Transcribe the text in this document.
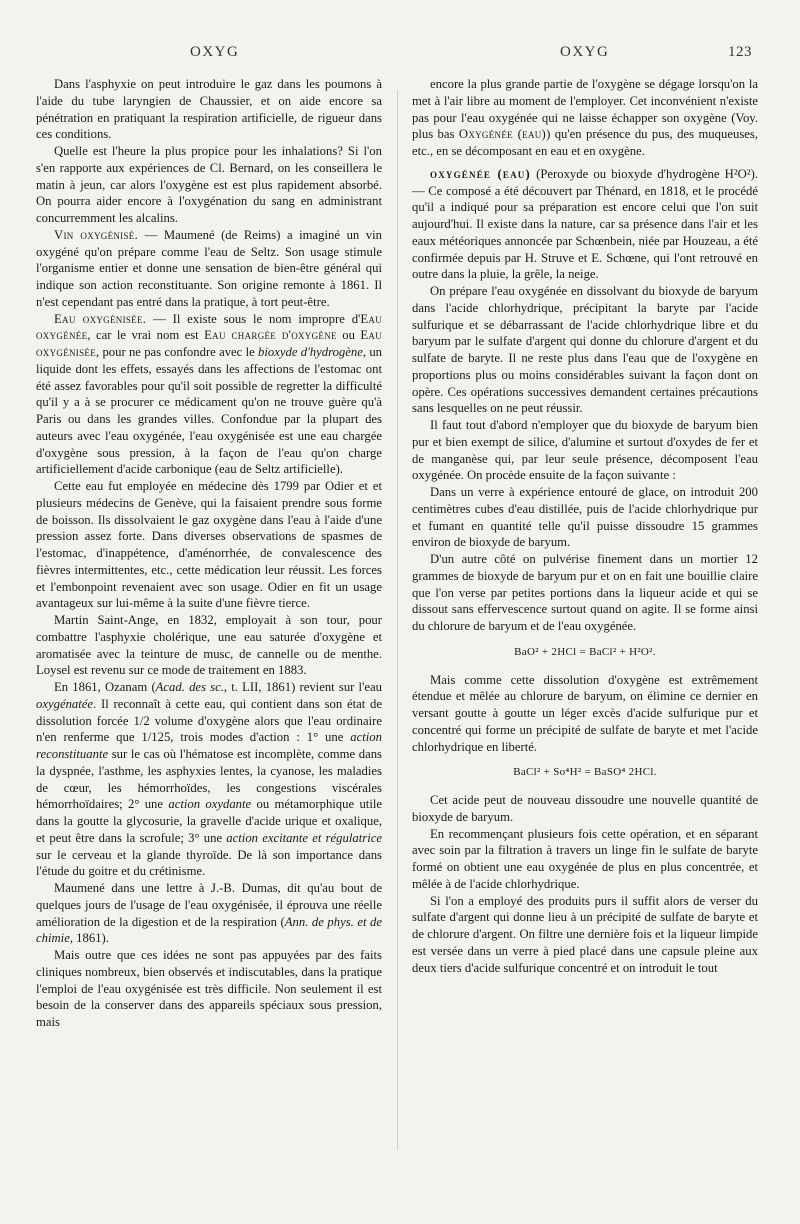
OXYG	OXYG	123

Dans l'asphyxie on peut introduire le gaz dans les poumons à l'aide du tube laryngien de Chaussier, et on aide encore sa pénétration en pratiquant la respiration artificielle, de rigueur dans ces conditions.

Quelle est l'heure la plus propice pour les inhalations? Si l'on s'en rapporte aux expériences de Cl. Bernard, on les conseillera le matin à jeun, car alors l'oxygène est est plus rapidement absorbé. On pourra aider encore à l'oxygénation du sang en administrant concurremment les alcalins.

Vin oxygénisé. — Maumené (de Reims) a imaginé un vin oxygéné qu'on prépare comme l'eau de Seltz. Son usage stimule l'organisme entier et donne une sensation de bien-être général qui indique son action reconstituante. Son origine remonte à 1861. Il n'est cependant pas entré dans la pratique, à tort peut-être.

Eau oxygénisée. — Il existe sous le nom impropre d'Eau oxygénée, car le vrai nom est Eau chargée d'oxygène ou Eau oxygénisée, pour ne pas confondre avec le bioxyde d'hydrogène, un liquide dont les effets, essayés dans les affections de l'estomac ont été assez favorables pour qu'il soit possible de regretter la difficulté qu'il y a à se procurer ce médicament qu'on ne trouve guère qu'à Paris ou dans les grandes villes. Confondue par la plupart des auteurs avec l'eau oxygénée, l'eau oxygénisée est une eau chargée d'oxygène sous pression, à la façon de l'eau qu'on charge artificiellement d'acide carbonique (eau de Seltz artificielle).

Cette eau fut employée en médecine dès 1799 par Odier et et plusieurs médecins de Genève, qui la faisaient prendre sous forme de boisson. Ils dissolvaient le gaz oxygène dans l'eau à l'aide d'une pression assez forte. Dans diverses observations de spasmes de l'estomac, d'inappétence, d'aménorrhée, de convalescence des fièvres intermittentes, etc., cette médication leur réussit. Les forces et l'embonpoint revenaient avec son usage. Odier en fit un usage avantageux sur lui-même à la suite d'une fièvre tierce.

Martin Saint-Ange, en 1832, employait à son tour, pour combattre l'asphyxie cholérique, une eau saturée d'oxygène et aromatisée avec la teinture de musc, de cannelle ou de menthe. Loysel est revenu sur ce mode de traitement en 1883.

En 1861, Ozanam (Acad. des sc., t. LII, 1861) revient sur l'eau oxygénatée. Il reconnaît à cette eau, qui contient dans son état de dissolution forcée 1/2 volume d'oxygène alors que l'eau ordinaire n'en renferme que 1/125, trois modes d'action : 1° une action reconstituante sur le cas où l'hématose est incomplète, comme dans la dyspnée, l'asthme, les asphyxies lentes, la cyanose, les maladies de cœur, les hémorrhoïdes, les congestions viscérales hémorrhoïdaires; 2° une action oxydante ou métamorphique utile dans la goutte la glycosurie, la gravelle d'acide urique et oxalique, et peut être dans la scrofule; 3° une action excitante et régulatrice sur le cerveau et la glande thyroïde. De là son importance dans l'étude du goitre et du crétinisme.

Maumené dans une lettre à J.-B. Dumas, dit qu'au bout de quelques jours de l'usage de l'eau oxygénisée, il éprouva une réelle amélioration de la digestion et de la respiration (Ann. de phys. et de chimie, 1861).

Mais outre que ces idées ne sont pas appuyées par des faits cliniques nombreux, bien observés et indiscutables, dans la pratique l'emploi de l'eau oxygénisée est très difficile. Non seulement il est besoin de la conserver dans des appareils spéciaux sous pression, mais

encore la plus grande partie de l'oxygène se dégage lorsqu'on la met à l'air libre au moment de l'employer. Cet inconvénient n'existe pas pour l'eau oxygénée qui ne laisse échapper son oxygène (Voy. plus bas Oxygénée (eau)) qu'en présence du pus, des muqueuses, etc., en se décomposant en eau et en oxygène.

oxygénée (eau) (Peroxyde ou bioxyde d'hydrogène H²O²). — Ce composé a été découvert par Thénard, en 1818, et le procédé qu'il a indiqué pour sa préparation est encore celui que l'on suit aujourd'hui. Il existe dans la nature, car sa présence dans l'air et les eaux météoriques annoncée par Schœnbein, niée par Houzeau, a été confirmée depuis par H. Struve et E. Schœne, qui l'ont retrouvé en outre dans la pluie, la grêle, la neige.

On prépare l'eau oxygénée en dissolvant du bioxyde de baryum dans l'acide chlorhydrique, précipitant la baryte par l'acide sulfurique et se débarrassant de l'acide chlorhydrique libre et du baryum par le sulfate d'argent qui donne du chlorure d'argent et du sulfate de baryte. Il ne reste plus dans l'eau que de l'oxygène en proportions plus ou moins considérables suivant la façon dont on opère. Ces opérations successives demandent certaines précautions sans lesquelles on ne peut réussir.

Il faut tout d'abord n'employer que du bioxyde de baryum bien pur et bien exempt de silice, d'alumine et surtout d'oxydes de fer et de manganèse qui, par leur seule présence, décomposent l'eau oxygénée. On procède ensuite de la façon suivante :

Dans un verre à expérience entouré de glace, on introduit 200 centimètres cubes d'eau distillée, puis de l'acide chlorhydrique pur et fumant en quantité telle qu'il puisse dissoudre 15 grammes environ de bioxyde de baryum.

D'un autre côté on pulvérise finement dans un mortier 12 grammes de bioxyde de baryum pur et on en fait une bouillie claire que l'on verse par petites portions dans la liqueur acide et qui se dissout sans effervescence surtout quand on agite. Il se forme ainsi du chlorure de baryum et de l'eau oxygénée.

BaO² + 2HCl = BaCl² + H²O².

Mais comme cette dissolution d'oxygène est extrêmement étendue et mêlée au chlorure de baryum, on élimine ce dernier en versant goutte à goutte un léger excès d'acide sulfurique pur et concentré qui forme un précipité de sulfate de baryte et met l'acide chlorhydrique en liberté.

BaCl² + So⁴H² = BaSO⁴ 2HCl.

Cet acide peut de nouveau dissoudre une nouvelle quantité de bioxyde de baryum.

En recommençant plusieurs fois cette opération, et en séparant avec soin par la filtration à travers un linge fin le sulfate de baryte formé on obtient une eau oxygénée de plus en plus concentrée, et mêlée à de l'acide chlorhydrique.

Si l'on a employé des produits purs il suffit alors de verser du sulfate d'argent qui donne lieu à un précipité de sulfate de baryte et de chlorure d'argent. On filtre une dernière fois et la liqueur limpide est versée dans un verre à pied placé dans une capsule pleine aux deux tiers d'acide sulfurique concentré et on introduit le tout
